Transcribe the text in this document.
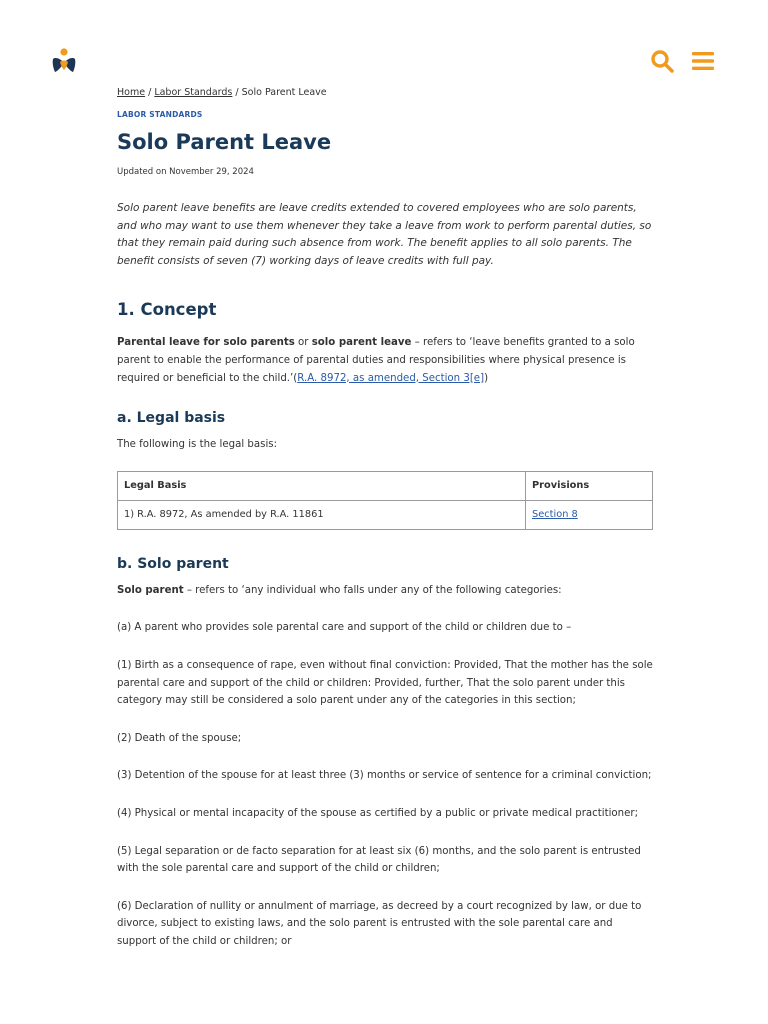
Home / Labor Standards / Solo Parent Leave
LABOR STANDARDS
Solo Parent Leave
Updated on November 29, 2024

Solo parent leave benefits are leave credits extended to covered employees who are solo parents, and who may want to use them whenever they take a leave from work to perform parental duties, so that they remain paid during such absence from work. The benefit applies to all solo parents. The benefit consists of seven (7) working days of leave credits with full pay.

1. Concept

Parental leave for solo parents or solo parent leave – refers to ‘leave benefits granted to a solo parent to enable the performance of parental duties and responsibilities where physical presence is required or beneficial to the child.’(R.A. 8972, as amended, Section 3[e])

a. Legal basis

The following is the legal basis:

Legal Basis	Provisions
1) R.A. 8972, As amended by R.A. 11861	Section 8
b. Solo parent

Solo parent – refers to ‘any individual who falls under any of the following categories:

(a) A parent who provides sole parental care and support of the child or children due to –

(1) Birth as a consequence of rape, even without final conviction: Provided, That the mother has the sole parental care and support of the child or children: Provided, further, That the solo parent under this category may still be considered a solo parent under any of the categories in this section;

(2) Death of the spouse;

(3) Detention of the spouse for at least three (3) months or service of sentence for a criminal conviction;

(4) Physical or mental incapacity of the spouse as certified by a public or private medical practitioner;

(5) Legal separation or de facto separation for at least six (6) months, and the solo parent is entrusted with the sole parental care and support of the child or children;

(6) Declaration of nullity or annulment of marriage, as decreed by a court recognized by law, or due to divorce, subject to existing laws, and the solo parent is entrusted with the sole parental care and support of the child or children; or
